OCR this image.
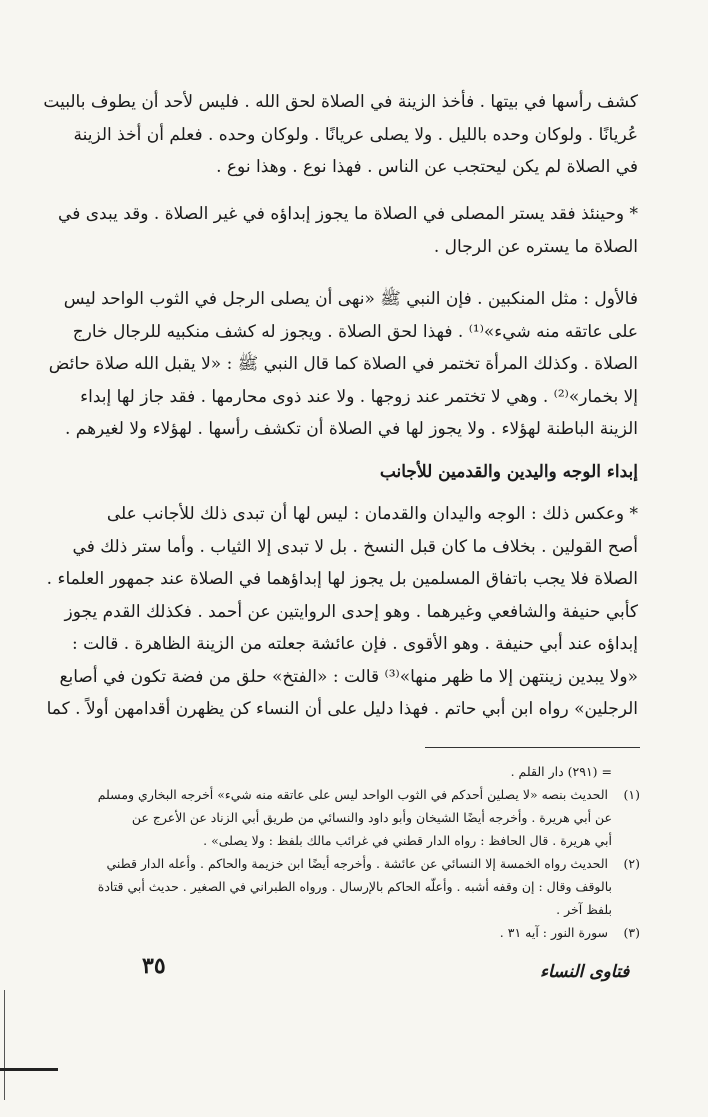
كشف رأسها في بيتها . فأخذ الزينة في الصلاة لحق الله . فليس لأحد أن يطوف بالبيت
عُريانًا . ولوكان وحده بالليل . ولا يصلى عريانًا . ولوكان وحده . فعلم أن أخذ الزينة
في الصلاة لم يكن ليحتجب عن الناس . فهذا نوع . وهذا نوع .
* وحينئذ فقد يستر المصلى في الصلاة ما يجوز إبداؤه في غير الصلاة . وقد يبدى في
الصلاة ما يستره عن الرجال .
فالأول : مثل المنكبين . فإن النبي ﷺ «نهى أن يصلى الرجل في الثوب الواحد ليس
على عاتقه منه شيء»⁽¹⁾ . فهذا لحق الصلاة . ويجوز له كشف منكبيه للرجال خارج
الصلاة . وكذلك المرأة تختمر في الصلاة كما قال النبي ﷺ : «لا يقبل الله صلاة حائض
إلا بخمار»⁽²⁾ . وهي لا تختمر عند زوجها . ولا عند ذوى محارمها . فقد جاز لها إبداء
الزينة الباطنة لهؤلاء . ولا يجوز لها في الصلاة أن تكشف رأسها . لهؤلاء ولا لغيرهم .
إبداء الوجه واليدين والقدمين للأجانب
* وعكس ذلك : الوجه واليدان والقدمان : ليس لها أن تبدى ذلك للأجانب على
أصح القولين . بخلاف ما كان قبل النسخ . بل لا تبدى إلا الثياب . وأما ستر ذلك في
الصلاة فلا يجب باتفاق المسلمين بل يجوز لها إبداؤهما في الصلاة عند جمهور العلماء .
كأبي حنيفة والشافعي وغيرهما . وهو إحدى الروايتين عن أحمد . فكذلك القدم يجوز
إبداؤه عند أبي حنيفة . وهو الأقوى . فإن عائشة جعلته من الزينة الظاهرة . قالت :
«ولا يبدين زينتهن إلا ما ظهر منها»⁽³⁾ قالت : «الفتخ» حلق من فضة تكون في أصابع
الرجلين» رواه ابن أبي حاتم . فهذا دليل على أن النساء كن يظهرن أقدامهن أولاً . كما
= (٢٩١) دار القلم .
(١) الحديث بنصه «لا يصلين أحدكم في الثوب الواحد ليس على عاتقه منه شيء» أخرجه البخاري ومسلم
عن أبي هريرة . وأخرجه أيضًا الشيخان وأبو داود والنسائي من طريق أبي الزناد عن الأعرج عن
أبي هريرة . قال الحافظ : رواه الدار قطني في غرائب مالك بلفظ : ولا يصلى» .
(٢) الحديث رواه الخمسة إلا النسائي عن عائشة . وأخرجه أيضًا ابن خزيمة والحاكم . وأعله الدار قطني
بالوقف وقال : إن وقفه أشبه . وأعلّه الحاكم بالإرسال . ورواه الطبراني في الصغير . حديث أبي قتادة
بلفظ آخر .
(٣) سورة النور : آيه ٣١ .
٣٥	فتاوى النساء
